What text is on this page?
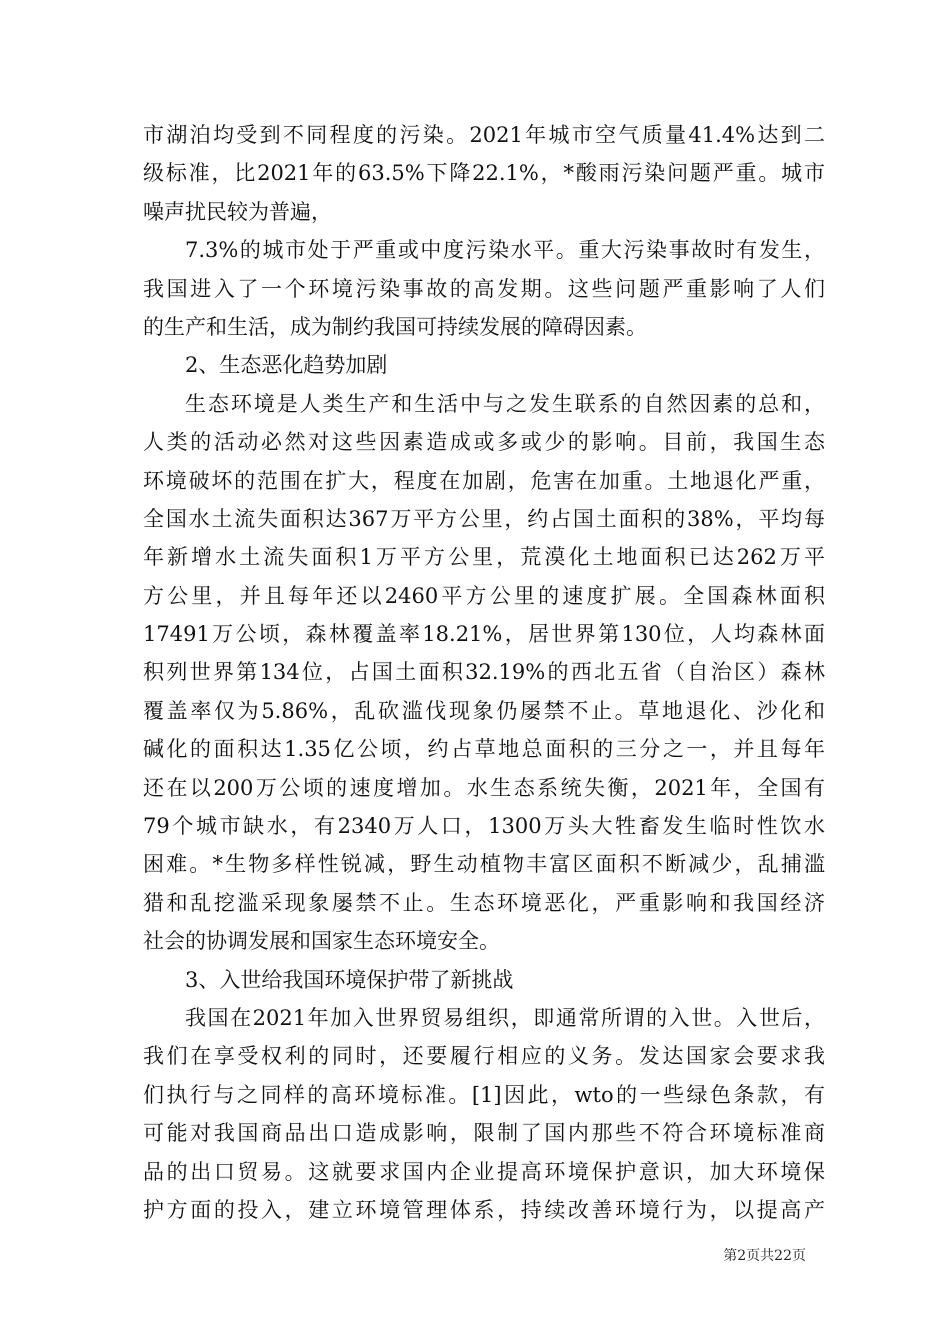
市湖泊均受到不同程度的污染。2021年城市空气质量41.4%达到二
级标准，比2021年的63.5%下降22.1%，*酸雨污染问题严重。城市
噪声扰民较为普遍，
7.3%的城市处于严重或中度污染水平。重大污染事故时有发生，
我国进入了一个环境污染事故的高发期。这些问题严重影响了人们
的生产和生活，成为制约我国可持续发展的障碍因素。
2、生态恶化趋势加剧
生态环境是人类生产和生活中与之发生联系的自然因素的总和，
人类的活动必然对这些因素造成或多或少的影响。目前，我国生态
环境破坏的范围在扩大，程度在加剧，危害在加重。土地退化严重，
全国水土流失面积达367万平方公里，约占国土面积的38%，平均每
年新增水土流失面积1万平方公里，荒漠化土地面积已达262万平
方公里，并且每年还以2460平方公里的速度扩展。全国森林面积
17491万公顷，森林覆盖率18.21%，居世界第130位，人均森林面
积列世界第134位，占国土面积32.19%的西北五省（自治区）森林
覆盖率仅为5.86%，乱砍滥伐现象仍屡禁不止。草地退化、沙化和
碱化的面积达1.35亿公顷，约占草地总面积的三分之一，并且每年
还在以200万公顷的速度增加。水生态系统失衡，2021年，全国有
79个城市缺水，有2340万人口，1300万头大牲畜发生临时性饮水
困难。*生物多样性锐减，野生动植物丰富区面积不断减少，乱捕滥
猎和乱挖滥采现象屡禁不止。生态环境恶化，严重影响和我国经济
社会的协调发展和国家生态环境安全。
3、入世给我国环境保护带了新挑战
我国在2021年加入世界贸易组织，即通常所谓的入世。入世后，
我们在享受权利的同时，还要履行相应的义务。发达国家会要求我
们执行与之同样的高环境标准。[1]因此，wto的一些绿色条款，有
可能对我国商品出口造成影响，限制了国内那些不符合环境标准商
品的出口贸易。这就要求国内企业提高环境保护意识，加大环境保
护方面的投入，建立环境管理体系，持续改善环境行为，以提高产
第2页共22页
